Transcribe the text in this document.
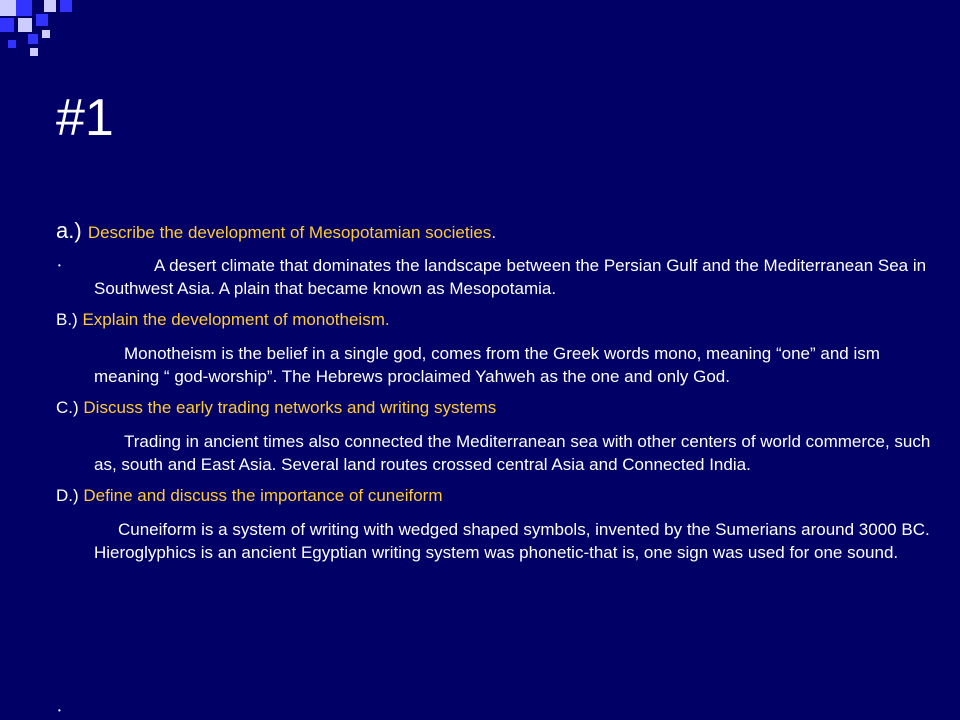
#1

a.) Describe the development of Mesopotamian societies.

•	A desert climate that dominates the landscape between the Persian Gulf and the Mediterranean Sea in Southwest Asia. A plain that became known as Mesopotamia.

B.) Explain the development of monotheism.

Monotheism is the belief in a single god, comes from the Greek words mono, meaning “one” and ism meaning “ god-worship”. The Hebrews proclaimed Yahweh as the one and only God.

C.) Discuss the early trading networks and writing systems

Trading in ancient times also connected the Mediterranean sea with other centers of world commerce, such as, south and East Asia. Several land routes crossed central Asia and Connected India.

D.) Define and discuss the importance of cuneiform

Cuneiform is a system of writing with wedged shaped symbols, invented by the Sumerians around 3000 BC. Hieroglyphics is an ancient Egyptian writing system was phonetic-that is, one sign was used for one sound.
•
